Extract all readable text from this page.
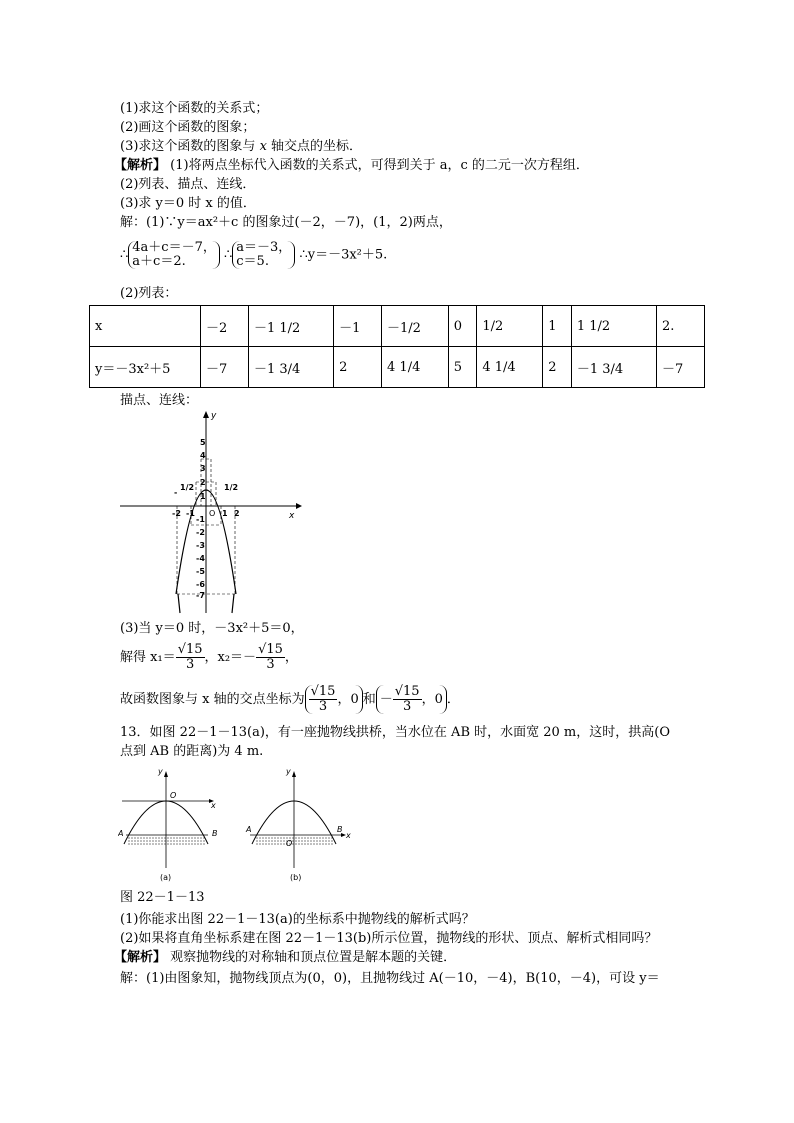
(1)求这个函数的关系式；
(2)画这个函数的图象；
(3)求这个函数的图象与 x 轴交点的坐标．
【解析】 (1)将两点坐标代入函数的关系式，可得到关于 a，c 的二元一次方程组．
(2)列表、描点、连线．
(3)求 y＝0 时 x 的值．
解：(1)∵y＝ax²＋c 的图象过(－2，－7)，(1，2)两点，
∴ 4a＋c＝－7，
a＋c＝2.	∴ a＝－3，
c＝5.	∴y＝－3x²＋5.
(2)列表：
x	－2	－1 1/2	－1	－1/2	0	1/2	1	1 1/2	2.
y＝－3x²＋5	－7	－1 3/4	2	4 1/4	5	4 1/4	2	－1 3/4	－7
描点、连线：
x
y
O
5
4
3
2
1
-1
-2
-3
-4
-5
-6
-7
-2 -1	1 2
-
1/2	1/2
(3)当 y＝0 时，－3x²＋5＝0，
解得 $x_1= \frac{√15}{3}$ ，$x_2=- \frac{√15}{3}$ ，
故函数图象与 x 轴的交点坐标为 $\frac{√15}{3}$ ，0 和 － $\frac{√15}{3}$ ，0 ．
13．如图 22－1－13(a)，有一座抛物线拱桥，当水位在 AB 时，水面宽 20 m，这时，拱高(O
点到 AB 的距离)为 4 m.
y
O
x
A	B
(a)
y
O
x
A	B
(b)
图 22－1－13
(1)你能求出图 22－1－13(a)的坐标系中抛物线的解析式吗？
(2)如果将直角坐标系建在图 22－1－13(b)所示位置，抛物线的形状、顶点、解析式相同吗？
【解析】 观察抛物线的对称轴和顶点位置是解本题的关键．
解：(1)由图象知，抛物线顶点为(0，0)，且抛物线过 A(－10，－4)，B(10，－4)，可设 y＝
